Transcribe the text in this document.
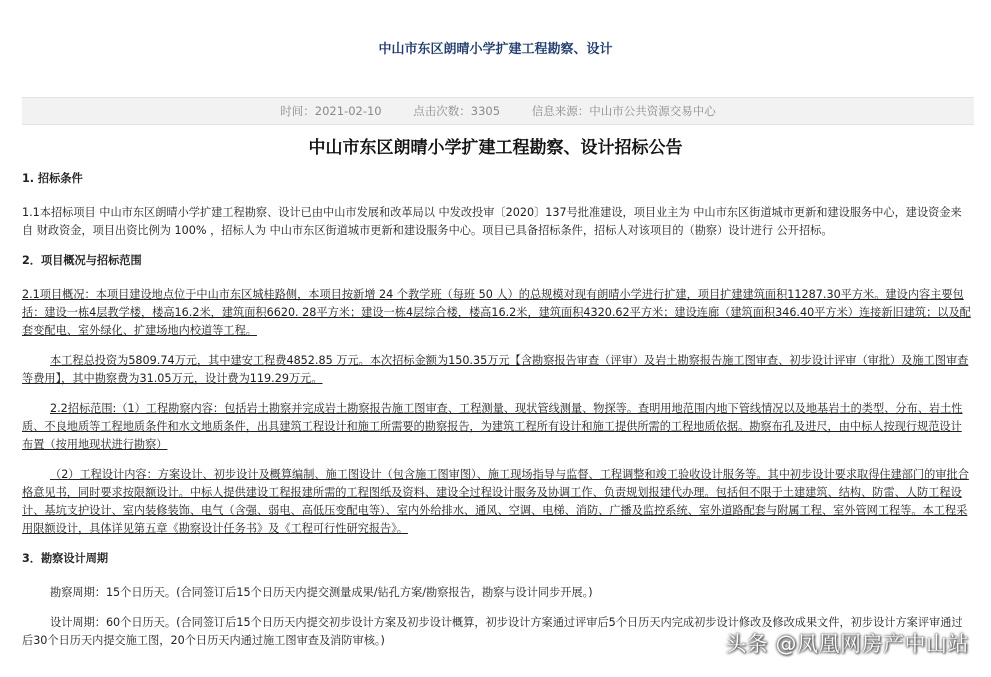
中山市东区朗晴小学扩建工程勘察、设计
时间：2021-02-10	点击次数：3305	信息来源：中山市公共资源交易中心
中山市东区朗晴小学扩建工程勘察、设计招标公告

1. 招标条件

1.1本招标项目 中山市东区朗晴小学扩建工程勘察、设计已由中山市发展和改革局以 中发改投审〔2020〕137号批准建设，项目业主为 中山市东区街道城市更新和建设服务中心，建设资金来自 财政资金，项目出资比例为 100% ，招标人为 中山市东区街道城市更新和建设服务中心。项目已具备招标条件，招标人对该项目的（勘察）设计进行 公开招标。

2．项目概况与招标范围

2.1项目概况：本项目建设地点位于中山市东区城桂路侧，本项目按新增 24 个教学班（每班 50 人）的总规模对现有朗晴小学进行扩建，项目扩建建筑面积11287.30平方米。建设内容主要包括：建设一栋4层教学楼，楼高16.2米，建筑面积6620. 28平方米；建设一栋4层综合楼，楼高16.2米，建筑面积4320.62平方米；建设连廊（建筑面积346.40平方米）连接新旧建筑；以及配套变配电、室外绿化、扩建场地内校道等工程。

本工程总投资为5809.74万元，其中建安工程费4852.85 万元。本次招标金额为150.35万元【含勘察报告审查（评审）及岩土勘察报告施工图审查、初步设计评审（审批）及施工图审查等费用】，其中勘察费为31.05万元，设计费为119.29万元。

2.2招标范围:（1）工程勘察内容：包括岩土勘察并完成岩土勘察报告施工图审查、工程测量、现状管线测量、物探等。查明用地范围内地下管线情况以及地基岩土的类型、分布、岩土性质、不良地质等工程地质条件和水文地质条件，出具建筑工程设计和施工所需要的勘察报告，为建筑工程所有设计和施工提供所需的工程地质依据。勘察布孔及进尺，由中标人按现行规范设计布置（按用地现状进行勘察）

（2）工程设计内容：方案设计、初步设计及概算编制、施工图设计（包含施工图审图）、施工现场指导与监督、工程调整和竣工验收设计服务等。其中初步设计要求取得住建部门的审批合格意见书，同时要求按限额设计。中标人提供建设工程报建所需的工程图纸及资料、建设全过程设计服务及协调工作、负责规划报建代办理。包括但不限于土建建筑、结构、防雷、人防工程设计、基坑支护设计、室内装修装饰、电气（含强、弱电、高低压变配电等）、室内外给排水、通风、空调、电梯、消防、广播及监控系统、室外道路配套与附属工程、室外管网工程等。本工程采用限额设计，具体详见第五章《勘察设计任务书》及《工程可行性研究报告》。

3．勘察设计周期

勘察周期：15个日历天。(合同签订后15个日历天内提交测量成果/钻孔方案/勘察报告，勘察与设计同步开展。)

设计周期：60个日历天。(合同签订后15个日历天内提交初步设计方案及初步设计概算，初步设计方案通过评审后5个日历天内完成初步设计修改及修改成果文件，初步设计方案评审通过后30个日历天内提交施工图，20个日历天内通过施工图审查及消防审核。)	头条 @凤凰网房产中山站
